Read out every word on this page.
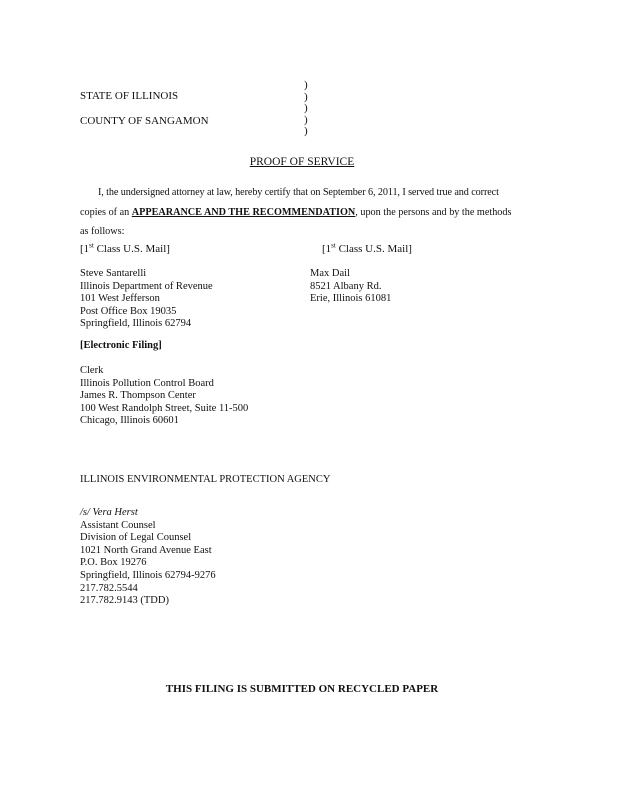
STATE OF ILLINOIS
COUNTY OF SANGAMON
)
)
)
)
)
PROOF OF SERVICE
I, the undersigned attorney at law, hereby certify that on September 6, 2011, I served true and correct
copies of an APPEARANCE AND THE RECOMMENDATION, upon the persons and by the methods
as follows:
[1st Class U.S. Mail]
Steve Santarelli
Illinois Department of Revenue
101 West Jefferson
Post Office Box 19035
Springfield, Illinois 62794
[1st Class U.S. Mail]
Max Dail
8521 Albany Rd.
Erie, Illinois 61081
[Electronic Filing]
Clerk
Illinois Pollution Control Board
James R. Thompson Center
100 West Randolph Street, Suite 11-500
Chicago, Illinois 60601
ILLINOIS ENVIRONMENTAL PROTECTION AGENCY
/s/ Vera Herst
Assistant Counsel
Division of Legal Counsel
1021 North Grand Avenue East
P.O. Box 19276
Springfield, Illinois 62794-9276
217.782.5544
217.782.9143 (TDD)
THIS FILING IS SUBMITTED ON RECYCLED PAPER
